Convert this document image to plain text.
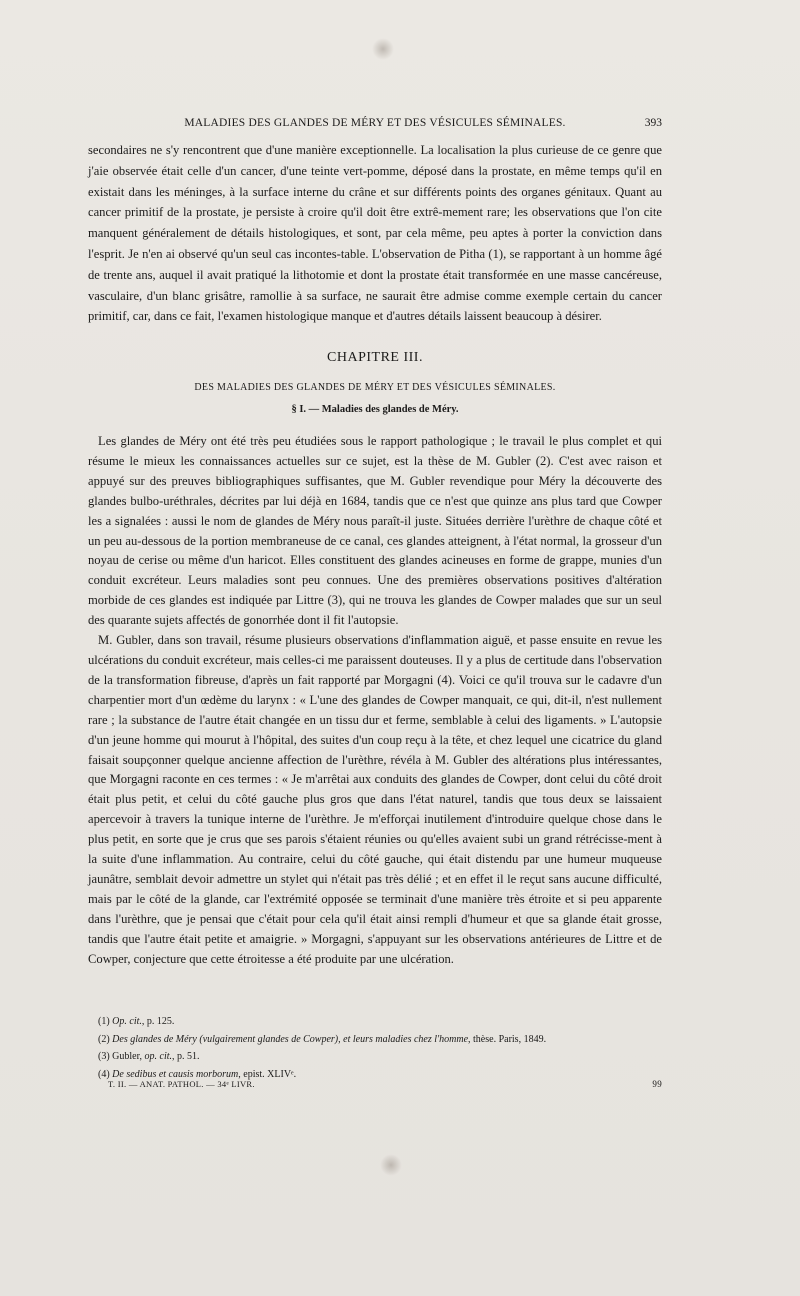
MALADIES DES GLANDES DE MÉRY ET DES VÉSICULES SÉMINALES.	393

secondaires ne s'y rencontrent que d'une manière exceptionnelle. La localisation la plus curieuse de ce genre que j'aie observée était celle d'un cancer, d'une teinte vert-pomme, déposé dans la prostate, en même temps qu'il en existait dans les méninges, à la surface interne du crâne et sur différents points des organes génitaux. Quant au cancer primitif de la prostate, je persiste à croire qu'il doit être extrê-mement rare; les observations que l'on cite manquent généralement de détails histologiques, et sont, par cela même, peu aptes à porter la conviction dans l'esprit. Je n'en ai observé qu'un seul cas incontes-table. L'observation de Pitha (1), se rapportant à un homme âgé de trente ans, auquel il avait pratiqué la lithotomie et dont la prostate était transformée en une masse cancéreuse, vasculaire, d'un blanc grisâtre, ramollie à sa surface, ne saurait être admise comme exemple certain du cancer primitif, car, dans ce fait, l'examen histologique manque et d'autres détails laissent beaucoup à désirer.

CHAPITRE III.
DES MALADIES DES GLANDES DE MÉRY ET DES VÉSICULES SÉMINALES.
§ I. — Maladies des glandes de Méry.

Les glandes de Méry ont été très peu étudiées sous le rapport pathologique ; le travail le plus complet et qui résume le mieux les connaissances actuelles sur ce sujet, est la thèse de M. Gubler (2). C'est avec raison et appuyé sur des preuves bibliographiques suffisantes, que M. Gubler revendique pour Méry la découverte des glandes bulbo-uréthrales, décrites par lui déjà en 1684, tandis que ce n'est que quinze ans plus tard que Cowper les a signalées : aussi le nom de glandes de Méry nous paraît-il juste. Situées derrière l'urèthre de chaque côté et un peu au-dessous de la portion membraneuse de ce canal, ces glandes atteignent, à l'état normal, la grosseur d'un noyau de cerise ou même d'un haricot. Elles constituent des glandes acineuses en forme de grappe, munies d'un conduit excréteur. Leurs maladies sont peu connues. Une des premières observations positives d'altération morbide de ces glandes est indiquée par Littre (3), qui ne trouva les glandes de Cowper malades que sur un seul des quarante sujets affectés de gonorrhée dont il fit l'autopsie.

M. Gubler, dans son travail, résume plusieurs observations d'inflammation aiguë, et passe ensuite en revue les ulcérations du conduit excréteur, mais celles-ci me paraissent douteuses. Il y a plus de certitude dans l'observation de la transformation fibreuse, d'après un fait rapporté par Morgagni (4). Voici ce qu'il trouva sur le cadavre d'un charpentier mort d'un œdème du larynx : « L'une des glandes de Cowper manquait, ce qui, dit-il, n'est nullement rare ; la substance de l'autre était changée en un tissu dur et ferme, semblable à celui des ligaments. » L'autopsie d'un jeune homme qui mourut à l'hôpital, des suites d'un coup reçu à la tête, et chez lequel une cicatrice du gland faisait soupçonner quelque ancienne affection de l'urèthre, révéla à M. Gubler des altérations plus intéressantes, que Morgagni raconte en ces termes : « Je m'arrêtai aux conduits des glandes de Cowper, dont celui du côté droit était plus petit, et celui du côté gauche plus gros que dans l'état naturel, tandis que tous deux se laissaient apercevoir à travers la tunique interne de l'urèthre. Je m'efforçai inutilement d'introduire quelque chose dans le plus petit, en sorte que je crus que ses parois s'étaient réunies ou qu'elles avaient subi un grand rétrécisse-ment à la suite d'une inflammation. Au contraire, celui du côté gauche, qui était distendu par une humeur muqueuse jaunâtre, semblait devoir admettre un stylet qui n'était pas très délié ; et en effet il le reçut sans aucune difficulté, mais par le côté de la glande, car l'extrémité opposée se terminait d'une manière très étroite et si peu apparente dans l'urèthre, que je pensai que c'était pour cela qu'il était ainsi rempli d'humeur et que sa glande était grosse, tandis que l'autre était petite et amaigrie. » Morgagni, s'appuyant sur les observations antérieures de Littre et de Cowper, conjecture que cette étroitesse a été produite par une ulcération.

(1) Op. cit., p. 125.
(2) Des glandes de Méry (vulgairement glandes de Cowper), et leurs maladies chez l'homme, thèse. Paris, 1849.
(3) Gubler, op. cit., p. 51.
(4) De sedibus et causis morborum, epist. XLIVᵉ.
T. II. — ANAT. PATHOL. — 34ᵉ LIVR.	99
